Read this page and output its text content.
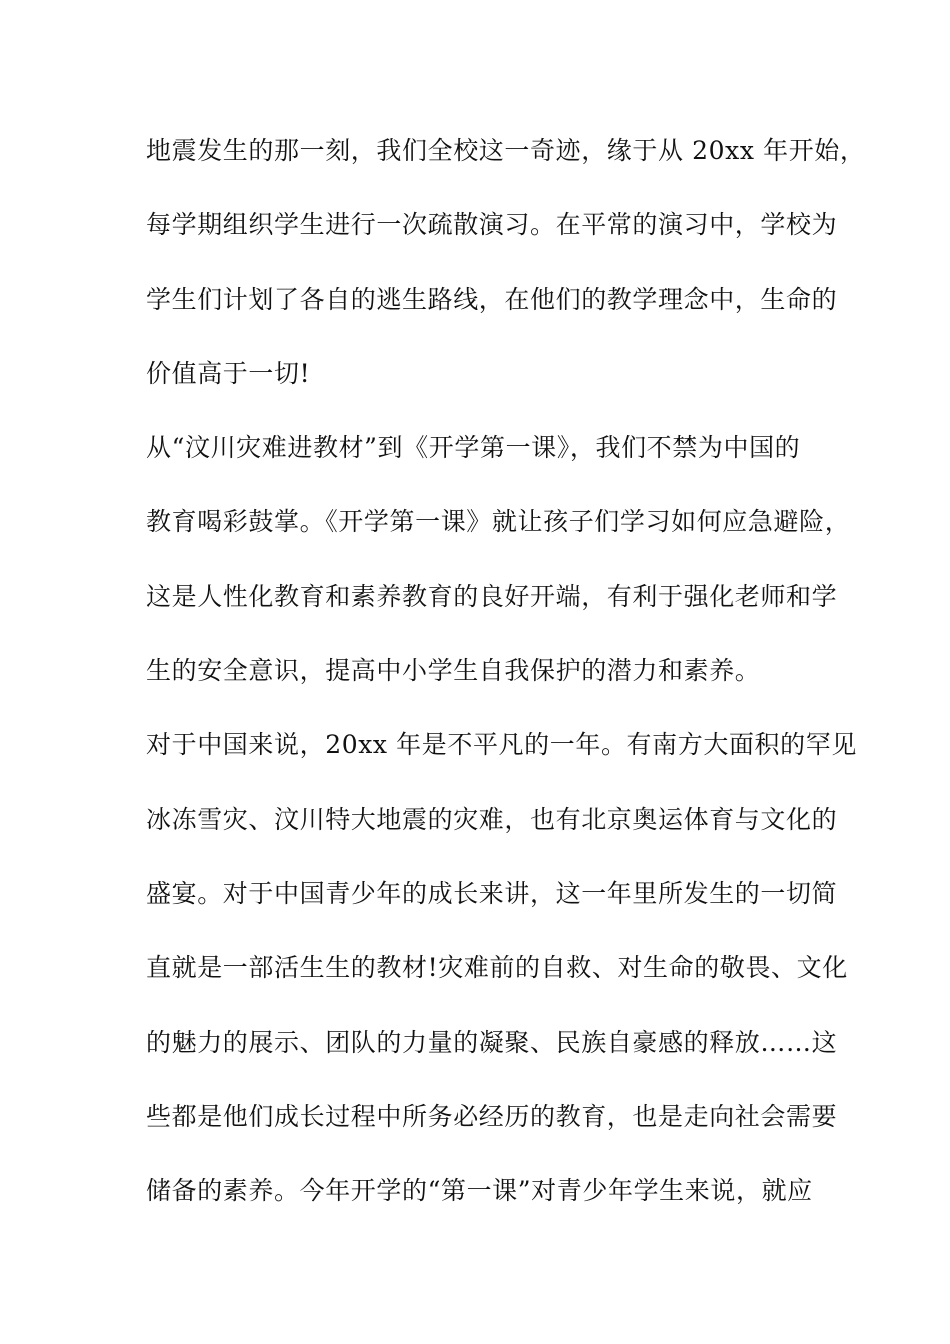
地震发生的那一刻，我们全校这一奇迹，缘于从 20xx 年开始，
每学期组织学生进行一次疏散演习。在平常的演习中，学校为
学生们计划了各自的逃生路线，在他们的教学理念中，生命的
价值高于一切!
从“汶川灾难进教材”到《开学第一课》，我们不禁为中国的
教育喝彩鼓掌。《开学第一课》就让孩子们学习如何应急避险，
这是人性化教育和素养教育的良好开端，有利于强化老师和学
生的安全意识，提高中小学生自我保护的潜力和素养。
对于中国来说，20xx 年是不平凡的一年。有南方大面积的罕见
冰冻雪灾、汶川特大地震的灾难，也有北京奥运体育与文化的
盛宴。对于中国青少年的成长来讲，这一年里所发生的一切简
直就是一部活生生的教材!灾难前的自救、对生命的敬畏、文化
的魅力的展示、团队的力量的凝聚、民族自豪感的释放……这
些都是他们成长过程中所务必经历的教育，也是走向社会需要
储备的素养。今年开学的“第一课”对青少年学生来说，就应
